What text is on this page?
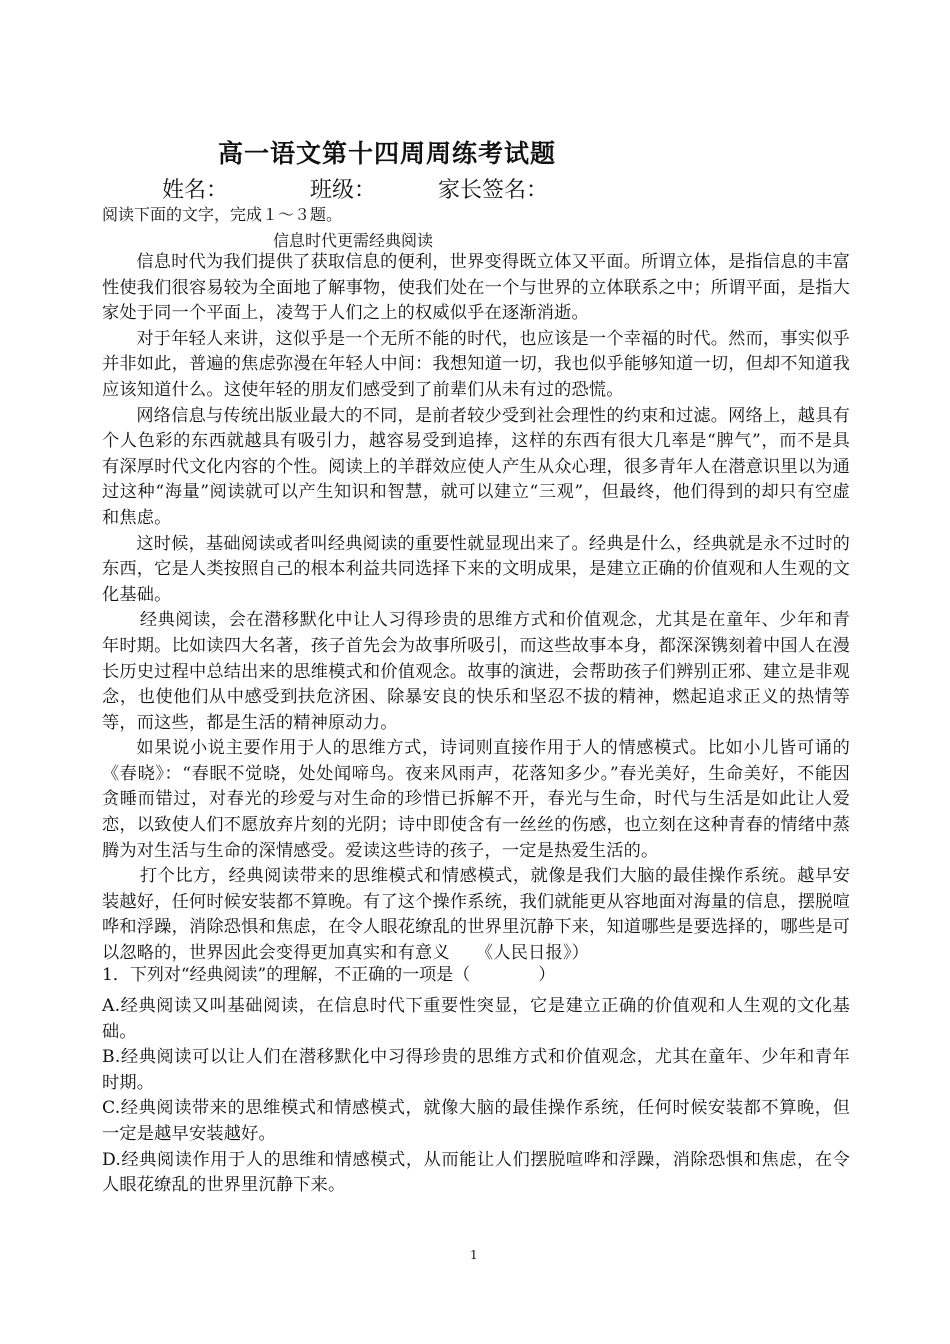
高一语文第十四周周练考试题
姓名：	班级：	家长签名：
阅读下面的文字，完成１～３题。
信息时代更需经典阅读

信息时代为我们提供了获取信息的便利，世界变得既立体又平面。所谓立体，是指信息的丰富性使我们很容易较为全面地了解事物，使我们处在一个与世界的立体联系之中；所谓平面，是指大家处于同一个平面上，凌驾于人们之上的权威似乎在逐渐消逝。

对于年轻人来讲，这似乎是一个无所不能的时代，也应该是一个幸福的时代。然而，事实似乎并非如此，普遍的焦虑弥漫在年轻人中间：我想知道一切，我也似乎能够知道一切，但却不知道我应该知道什么。这使年轻的朋友们感受到了前辈们从未有过的恐慌。

网络信息与传统出版业最大的不同，是前者较少受到社会理性的约束和过滤。网络上，越具有个人色彩的东西就越具有吸引力，越容易受到追捧，这样的东西有很大几率是“脾气”，而不是具有深厚时代文化内容的个性。阅读上的羊群效应使人产生从众心理，很多青年人在潜意识里以为通过这种“海量”阅读就可以产生知识和智慧，就可以建立“三观”，但最终，他们得到的却只有空虚和焦虑。

这时候，基础阅读或者叫经典阅读的重要性就显现出来了。经典是什么，经典就是永不过时的东西，它是人类按照自己的根本利益共同选择下来的文明成果，是建立正确的价值观和人生观的文化基础。

经典阅读，会在潜移默化中让人习得珍贵的思维方式和价值观念，尤其是在童年、少年和青年时期。比如读四大名著，孩子首先会为故事所吸引，而这些故事本身，都深深镌刻着中国人在漫长历史过程中总结出来的思维模式和价值观念。故事的演进，会帮助孩子们辨别正邪、建立是非观念，也使他们从中感受到扶危济困、除暴安良的快乐和坚忍不拔的精神，燃起追求正义的热情等等，而这些，都是生活的精神原动力。

如果说小说主要作用于人的思维方式，诗词则直接作用于人的情感模式。比如小儿皆可诵的《春晓》：“春眠不觉晓，处处闻啼鸟。夜来风雨声，花落知多少。”春光美好，生命美好，不能因贪睡而错过，对春光的珍爱与对生命的珍惜已拆解不开，春光与生命，时代与生活是如此让人爱恋，以致使人们不愿放弃片刻的光阴；诗中即使含有一丝丝的伤感，也立刻在这种青春的情绪中蒸腾为对生活与生命的深情感受。爱读这些诗的孩子，一定是热爱生活的。

打个比方，经典阅读带来的思维模式和情感模式，就像是我们大脑的最佳操作系统。越早安装越好，任何时候安装都不算晚。有了这个操作系统，我们就能更从容地面对海量的信息，摆脱喧哗和浮躁，消除恐惧和焦虑，在令人眼花缭乱的世界里沉静下来，知道哪些是要选择的，哪些是可以忽略的，世界因此会变得更加真实和有意义　　《人民日报》）

1．下列对“经典阅读”的理解，不正确的一项是（　　　　）

A.经典阅读又叫基础阅读，在信息时代下重要性突显，它是建立正确的价值观和人生观的文化基础。

B.经典阅读可以让人们在潜移默化中习得珍贵的思维方式和价值观念，尤其在童年、少年和青年时期。

C.经典阅读带来的思维模式和情感模式，就像大脑的最佳操作系统，任何时候安装都不算晚，但一定是越早安装越好。

D.经典阅读作用于人的思维和情感模式，从而能让人们摆脱喧哗和浮躁，消除恐惧和焦虑，在令人眼花缭乱的世界里沉静下来。

1
